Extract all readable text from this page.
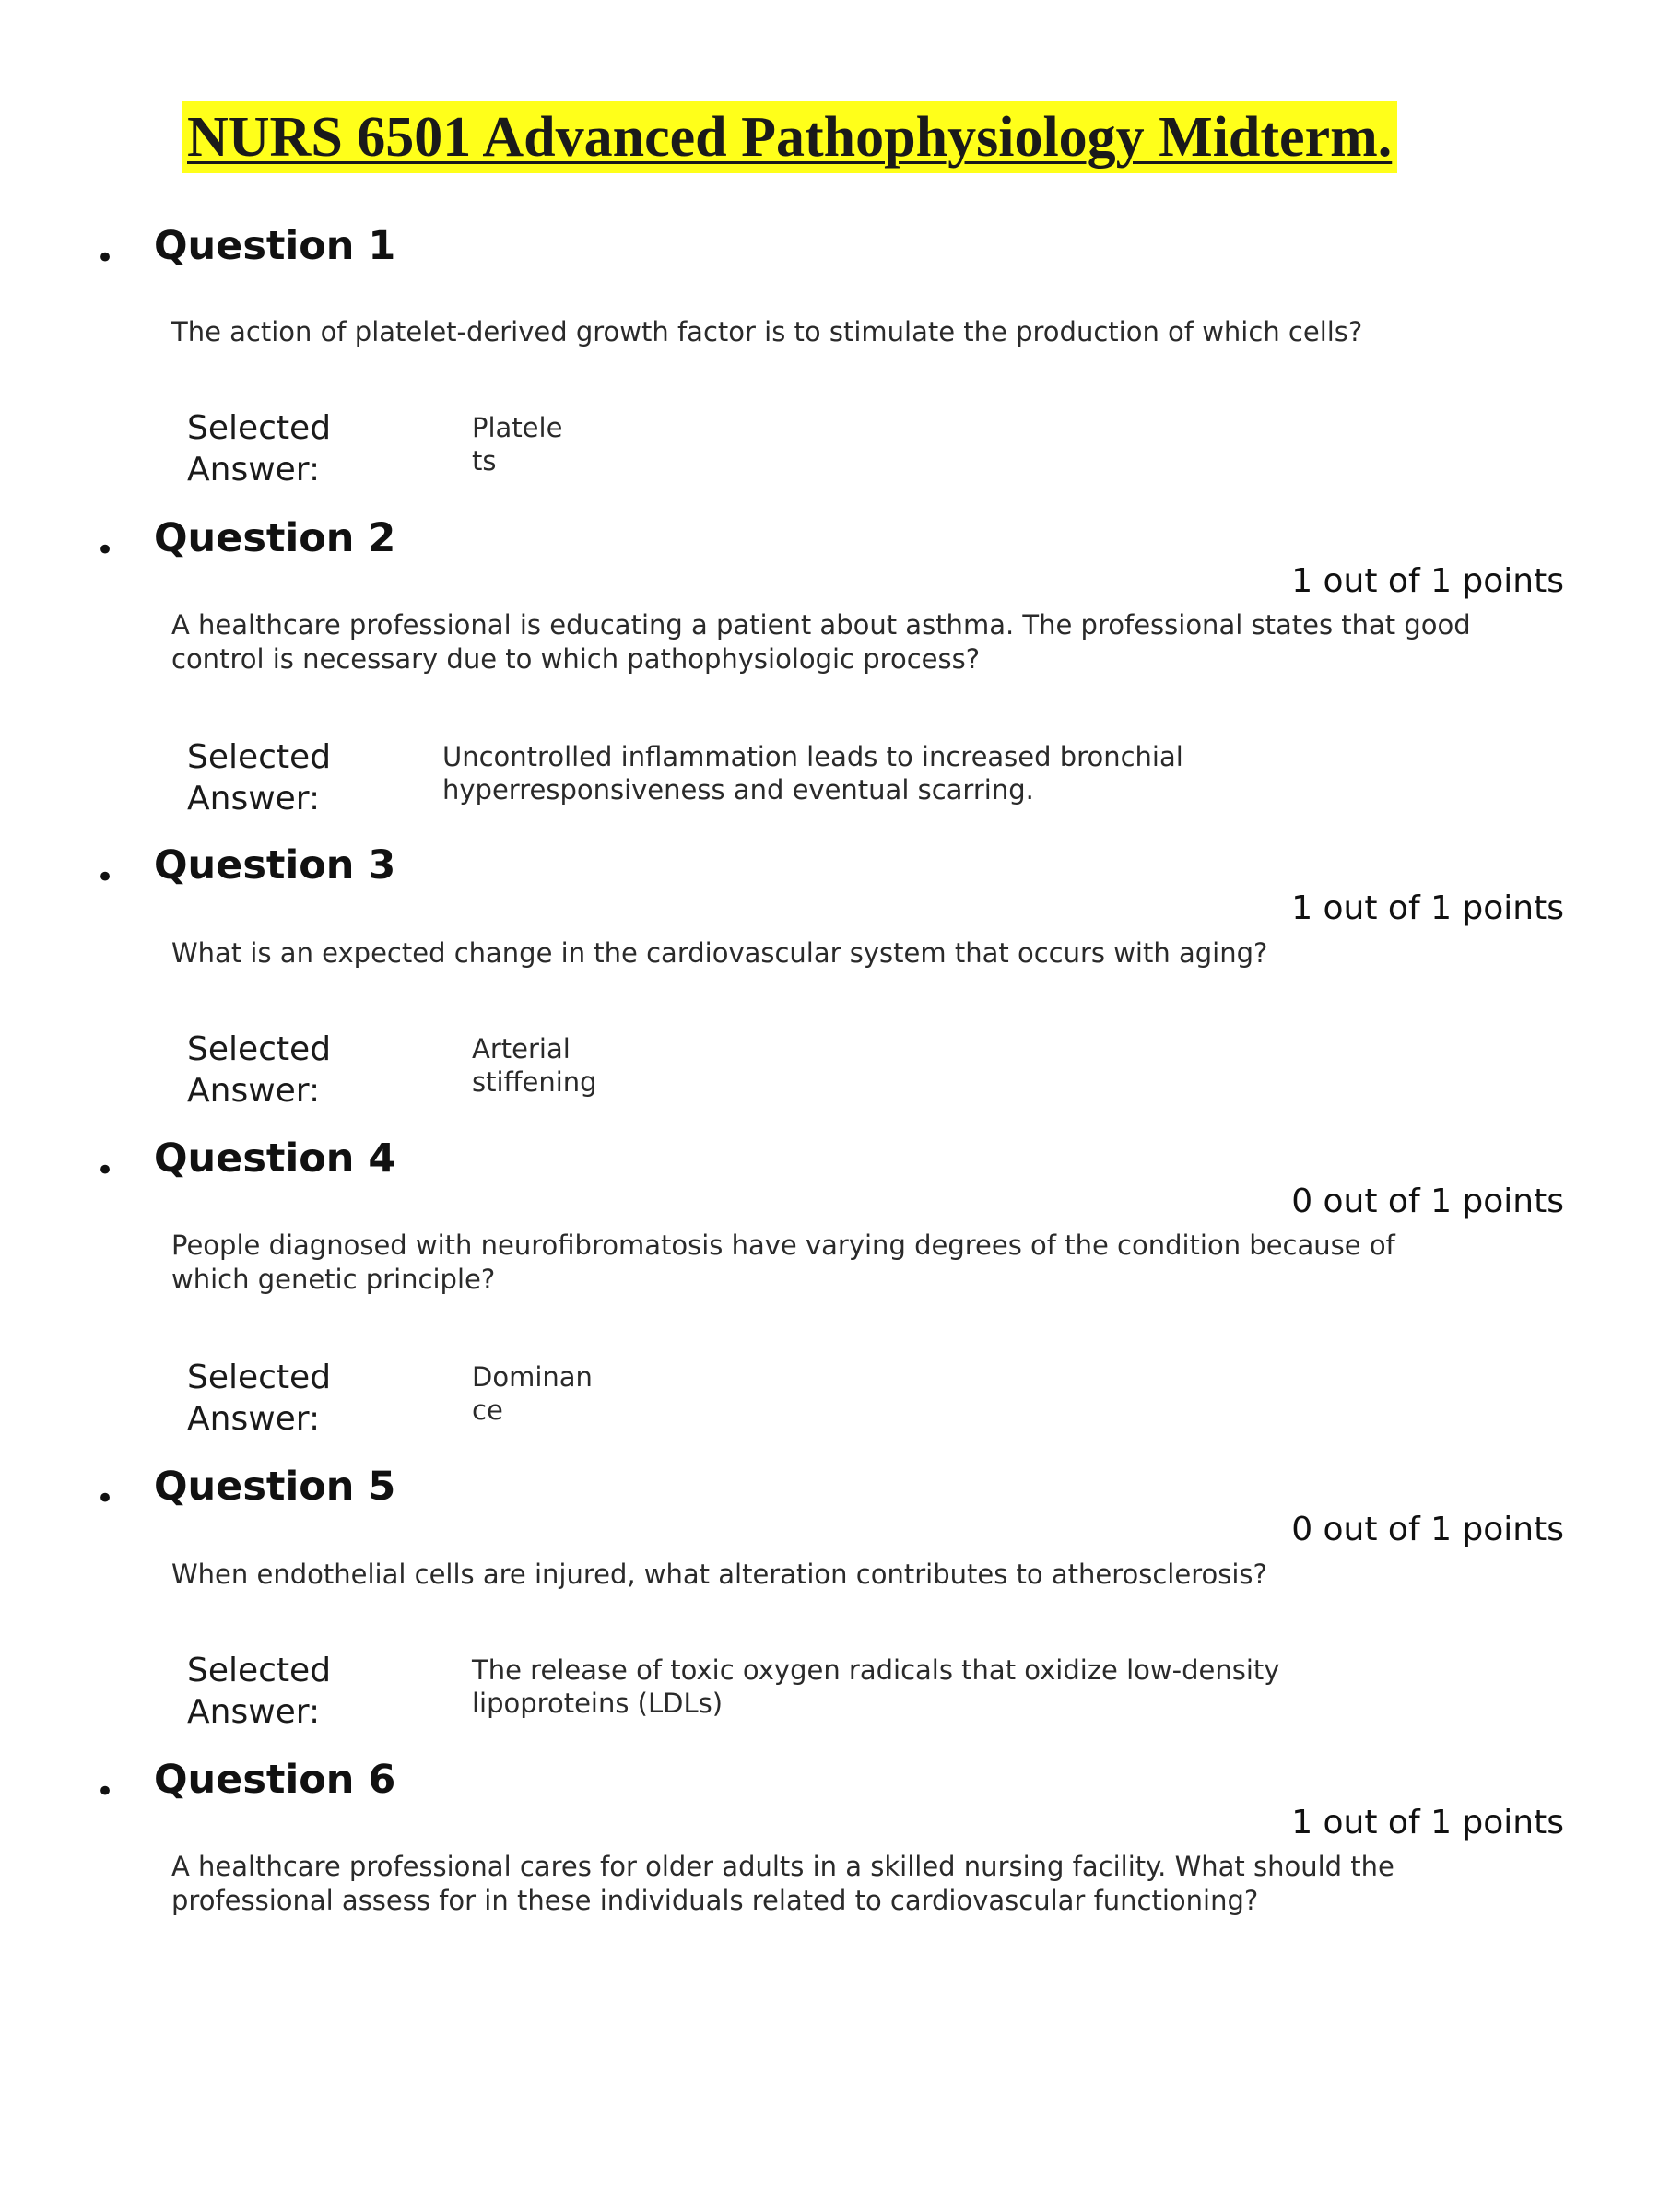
NURS 6501 Advanced Pathophysiology Midterm.
• Question 1
The action of platelet-derived growth factor is to stimulate the production of which cells?
Selected Answer:
Platele
ts
• Question 2
1 out of 1 points
A healthcare professional is educating a patient about asthma. The professional states that good control is necessary due to which pathophysiologic process?
Selected Answer:
Uncontrolled inflammation leads to increased bronchial
hyperresponsiveness and eventual scarring.
• Question 3
1 out of 1 points
What is an expected change in the cardiovascular system that occurs with aging?
Selected Answer:
Arterial
stiffening
• Question 4
0 out of 1 points
People diagnosed with neurofibromatosis have varying degrees of the condition because of which genetic principle?
Selected Answer:
Dominan
ce
• Question 5
0 out of 1 points
When endothelial cells are injured, what alteration contributes to atherosclerosis?
Selected Answer:
The release of toxic oxygen radicals that oxidize low-density
lipoproteins (LDLs)
• Question 6
1 out of 1 points
A healthcare professional cares for older adults in a skilled nursing facility. What should the professional assess for in these individuals related to cardiovascular functioning?
